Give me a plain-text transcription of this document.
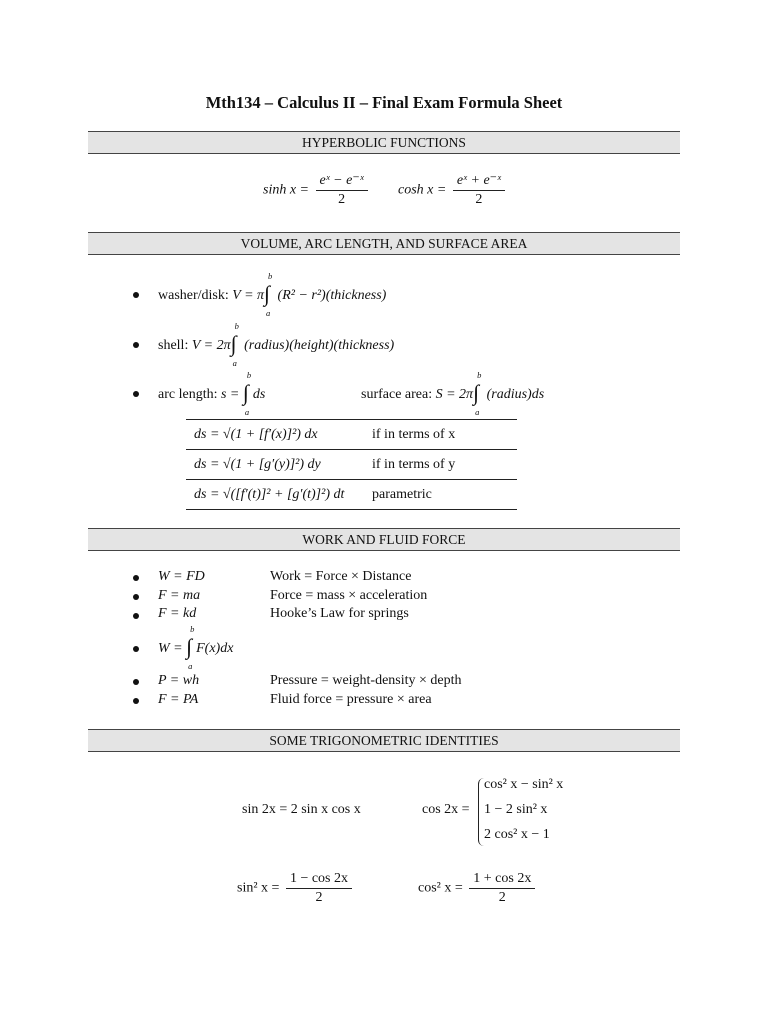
Mth134 – Calculus II – Final Exam Formula Sheet
HYPERBOLIC FUNCTIONS
$\sinh x = \frac{\text{eˣ − e⁻ˣ}}{2}$ $\cosh x = \frac{\text{eˣ + e⁻ˣ}}{2}$
VOLUME, ARC LENGTH, AND SURFACE AREA
washer/disk: V = π ∫
b
a
(R² − r²)(thickness)
shell: V = 2π ∫
b
a
(radius)(height)(thickness)
arc length: s = ∫
b
a
ds	surface area: S = 2π ∫
b
a
(radius)ds
ds = √(1 + [f′(x)]²) dx	if in terms of x
ds = √(1 + [g′(y)]²) dy	if in terms of y
ds = √([f′(t)]² + [g′(t)]²) dt	parametric
WORK AND FLUID FORCE
W = FD	Work = Force × Distance
F = ma	Force = mass × acceleration
F = kd	Hooke’s Law for springs
W = ∫
b
a
F(x)dx
P = wh	Pressure = weight-density × depth
F = PA	Fluid force = pressure × area
SOME TRIGONOMETRIC IDENTITIES
sin 2x = 2 sin x cos x	cos 2x =
cos² x − sin² x
1 − 2 sin² x
2 cos² x − 1
sin² $x = \frac{1 - \cos 2x}{2}$	cos² $x = \frac{1 + \cos 2x}{2}$
